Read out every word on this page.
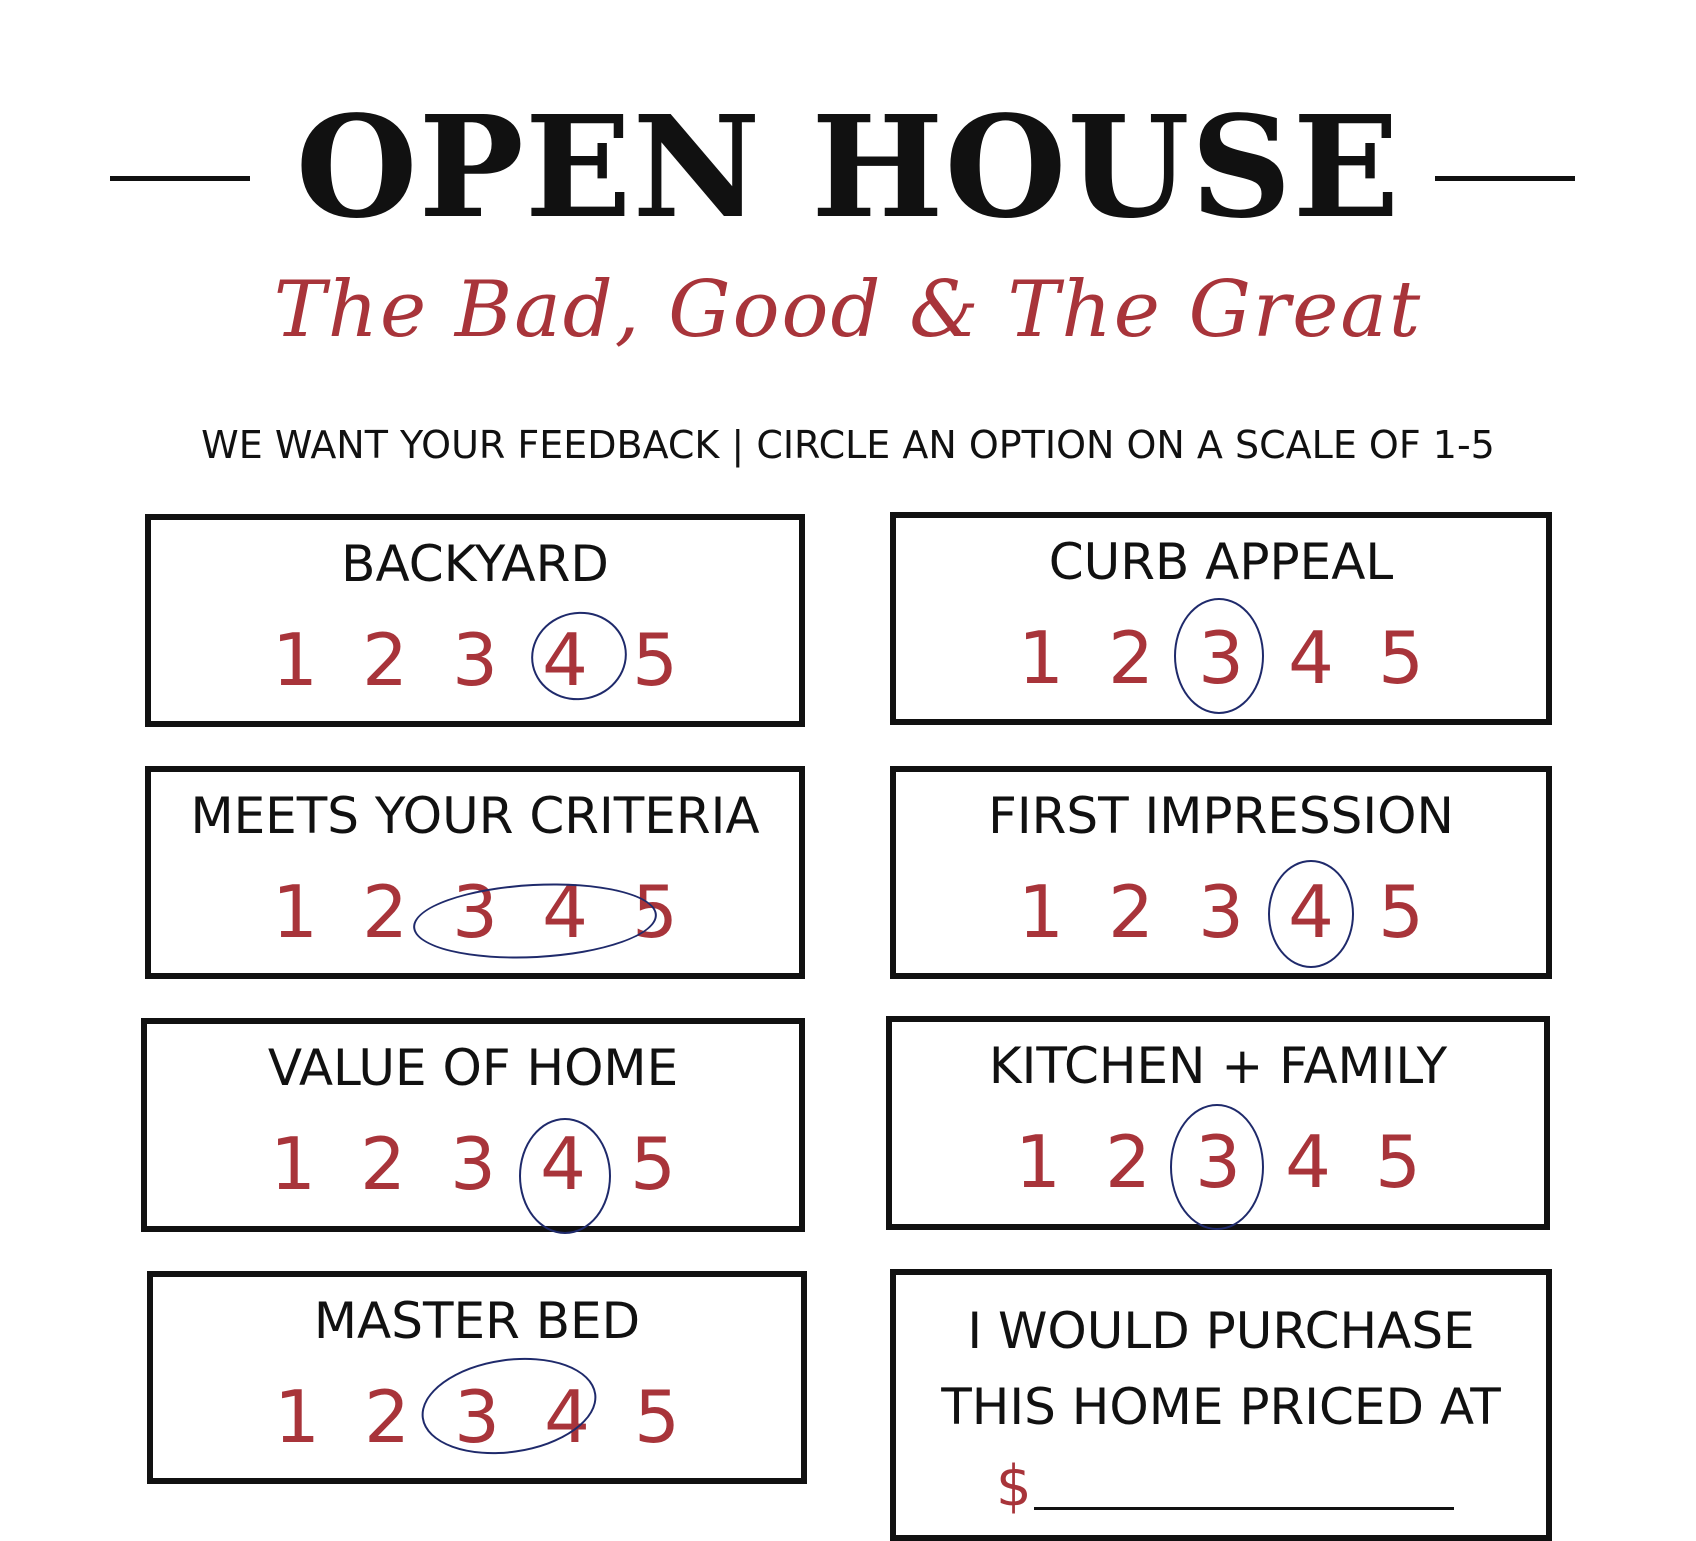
OPEN HOUSE
The Bad, Good & The Great
WE WANT YOUR FEEDBACK | CIRCLE AN OPTION ON A SCALE OF 1-5
BACKYARD
1 2 3 4 5
CURB APPEAL
1 2 3 4 5
MEETS YOUR CRITERIA
1 2 3 4 5
FIRST IMPRESSION
1 2 3 4 5
VALUE OF HOME
1 2 3 4 5
KITCHEN + FAMILY
1 2 3 4 5
MASTER BED
1 2 3 4 5
I WOULD PURCHASE
THIS HOME PRICED AT
$
